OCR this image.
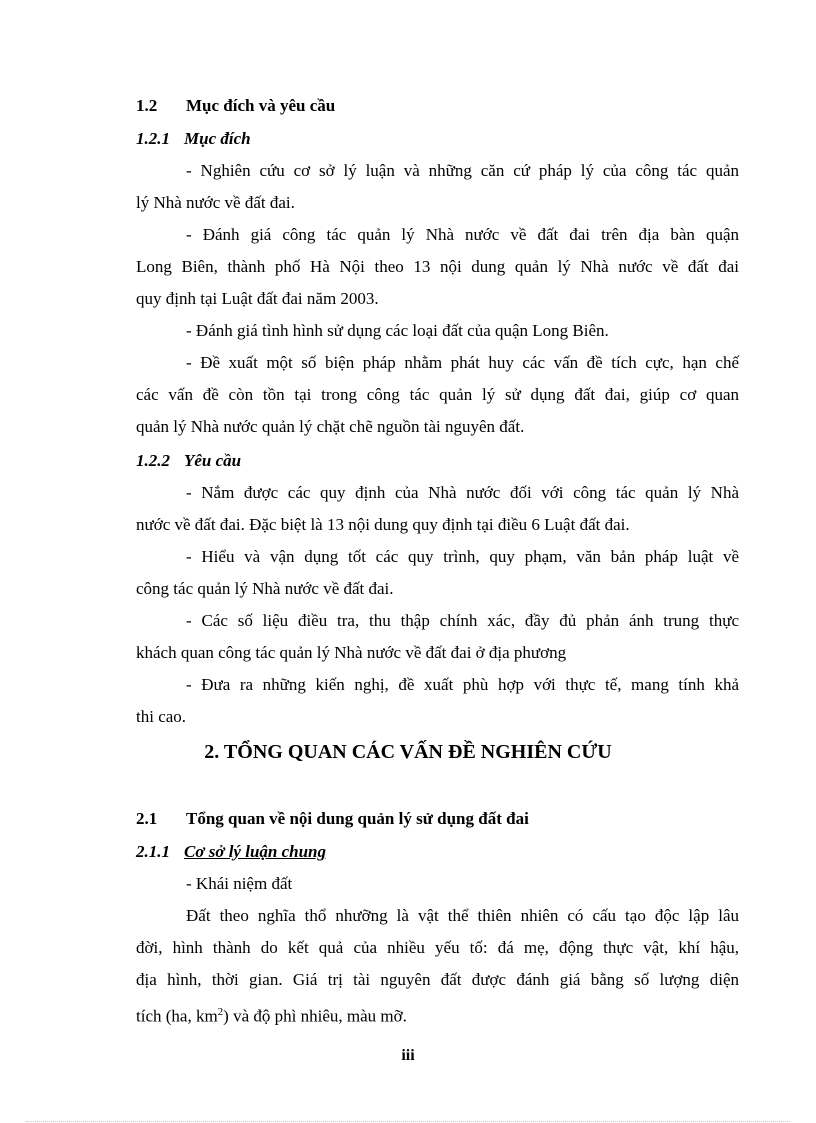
1.2 Mục đích và yêu cầu
1.2.1 Mục đích
- Nghiên cứu cơ sở lý luận và những căn cứ pháp lý của công tác quản
lý Nhà nước về đất đai.
- Đánh giá công tác quản lý Nhà nước về đất đai trên địa bàn quận
Long Biên, thành phố Hà Nội theo 13 nội dung quản lý Nhà nước về đất đai
quy định tại Luật đất đai năm 2003.
- Đánh giá tình hình sử dụng các loại đất của quận Long Biên.
- Đề xuất một số biện pháp nhằm phát huy các vấn đề tích cực, hạn chế
các vấn đề còn tồn tại trong công tác quản lý sử dụng đất đai, giúp cơ quan
quản lý Nhà nước quản lý chặt chẽ nguồn tài nguyên đất.
1.2.2 Yêu cầu
- Nắm được các quy định của Nhà nước đối với công tác quản lý Nhà
nước về đất đai. Đặc biệt là 13 nội dung quy định tại điều 6 Luật đất đai.
- Hiểu và vận dụng tốt các quy trình, quy phạm, văn bản pháp luật về
công tác quản lý Nhà nước về đất đai.
- Các số liệu điều tra, thu thập chính xác, đầy đủ phản ánh trung thực
khách quan công tác quản lý Nhà nước về đất đai ở địa phương
- Đưa ra những kiến nghị, đề xuất phù hợp với thực tế, mang tính khả
thi cao.
2. TỔNG QUAN CÁC VẤN ĐỀ NGHIÊN CỨU
2.1 Tổng quan về nội dung quản lý sử dụng đất đai
2.1.1 Cơ sở lý luận chung
- Khái niệm đất
Đất theo nghĩa thổ nhưỡng là vật thể thiên nhiên có cấu tạo độc lập lâu
đời, hình thành do kết quả của nhiều yếu tố: đá mẹ, động thực vật, khí hậu,
địa hình, thời gian. Giá trị tài nguyên đất được đánh giá bằng số lượng diện
tích (ha, $km^2$) và độ phì nhiêu, màu mỡ.
iii
